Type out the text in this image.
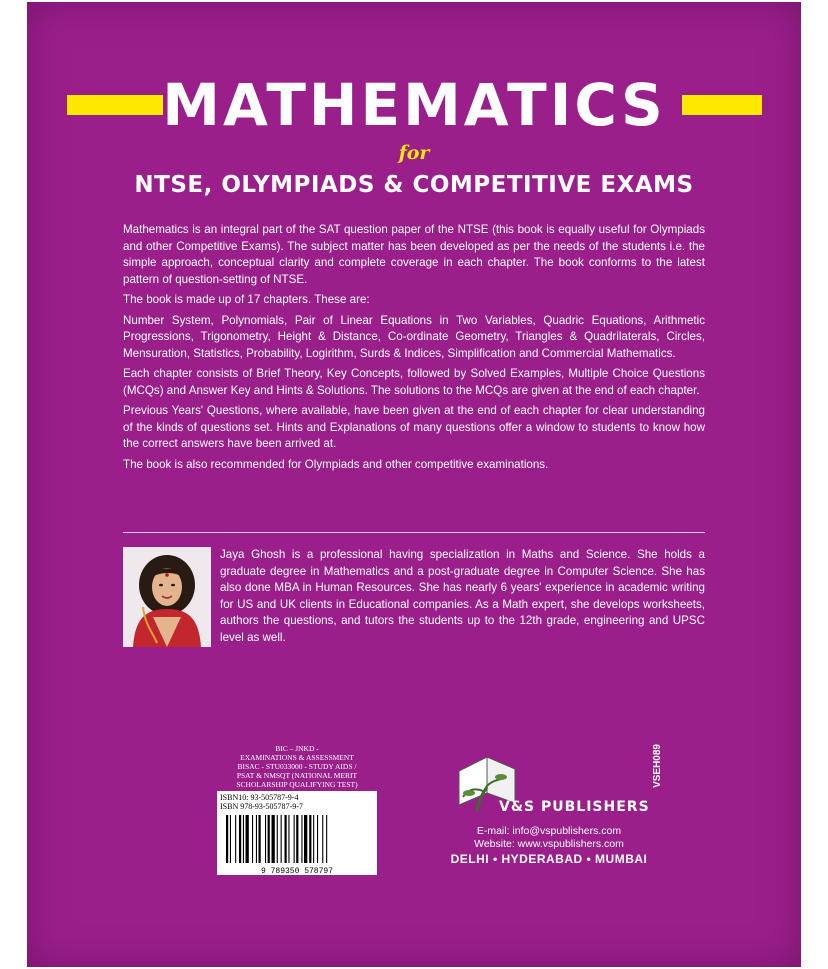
MATHEMATICS
for
NTSE, OLYMPIADS & COMPETITIVE EXAMS

Mathematics is an integral part of the SAT question paper of the NTSE (this book is equally useful for Olympiads and other Competitive Exams). The subject matter has been developed as per the needs of the students i.e. the simple approach, conceptual clarity and complete coverage in each chapter. The book conforms to the latest pattern of question-setting of NTSE.

The book is made up of 17 chapters. These are:

Number System, Polynomials, Pair of Linear Equations in Two Variables, Quadric Equations, Arithmetic Progressions, Trigonometry, Height & Distance, Co-ordinate Geometry, Triangles & Quadrilaterals, Circles, Mensuration, Statistics, Probability, Logirithm, Surds & Indices, Simplification and Commercial Mathematics.

Each chapter consists of Brief Theory, Key Concepts, followed by Solved Examples, Multiple Choice Questions (MCQs) and Answer Key and Hints & Solutions. The solutions to the MCQs are given at the end of each chapter.

Previous Years' Questions, where available, have been given at the end of each chapter for clear understanding of the kinds of questions set. Hints and Explanations of many questions offer a window to students to know how the correct answers have been arrived at.

The book is also recommended for Olympiads and other competitive examinations.

Jaya Ghosh is a professional having specialization in Maths and Science. She holds a graduate degree in Mathematics and a post-graduate degree in Computer Science. She has also done MBA in Human Resources. She has nearly 6 years' experience in academic writing for US and UK clients in Educational companies. As a Math expert, she develops worksheets, authors the questions, and tutors the students up to the 12th grade, engineering and UPSC level as well.

BIC – JNKD -
EXAMINATIONS & ASSESSMENT
BISAC - STU033000 - STUDY AIDS /
PSAT & NMSQT (NATIONAL MERIT
SCHOLARSHIP QUALIFYING TEST)
ISBN10: 93-505787-9-4
ISBN 978-93-505787-9-7
9 789350 578797
VSEH089
V&S PUBLISHERS
E-mail: info@vspublishers.com
Website: www.vspublishers.com
DELHI • HYDERABAD • MUMBAI
